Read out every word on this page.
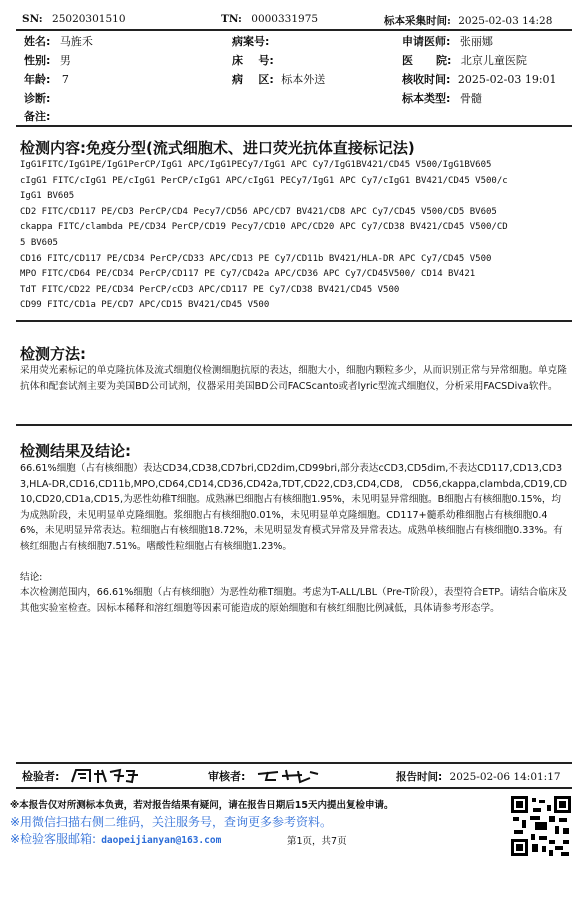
SN: 25020301510	TN: 0000331975	标本采集时间: 2025-02-03 14:28
姓名: 马旌禾	病案号:	申请医师: 张丽娜
性别: 男	床    号:	医      院: 北京儿童医院
年龄: 7	病    区: 标本外送	核收时间: 2025-02-03 19:01
诊断:	标本类型: 骨髓
备注:
检测内容:免疫分型(流式细胞术、进口荧光抗体直接标记法)
IgG1FITC/IgG1PE/IgG1PerCP/IgG1 APC/IgG1PECy7/IgG1 APC Cy7/IgG1BV421/CD45 V500/IgG1BV605
cIgG1 FITC/cIgG1 PE/cIgG1 PerCP/cIgG1 APC/cIgG1 PECy7/IgG1 APC Cy7/cIgG1 BV421/CD45 V500/c
IgG1 BV605
CD2 FITC/CD117 PE/CD3 PerCP/CD4 Pecy7/CD56 APC/CD7 BV421/CD8 APC Cy7/CD45 V500/CD5 BV605
ckappa FITC/clambda PE/CD34 PerCP/CD19 Pecy7/CD10 APC/CD20 APC Cy7/CD38 BV421/CD45 V500/CD
5 BV605
CD16 FITC/CD117 PE/CD34 PerCP/CD33 APC/CD13 PE Cy7/CD11b BV421/HLA-DR APC Cy7/CD45 V500
MPO FITC/CD64 PE/CD34 PerCP/CD117 PE Cy7/CD42a APC/CD36 APC Cy7/CD45V500/ CD14 BV421
TdT FITC/CD22 PE/CD34 PerCP/cCD3 APC/CD117 PE Cy7/CD38 BV421/CD45 V500
CD99 FITC/CD1a PE/CD7 APC/CD15 BV421/CD45 V500
检测方法:
采用荧光素标记的单克隆抗体及流式细胞仪检测细胞抗原的表达，细胞大小，细胞内颗粒多少，从而识别正常与异常细胞。单克隆抗体和配套试剂主要为美国BD公司试剂，仪器采用美国BD公司FACScanto或者lyric型流式细胞仪，分析采用FACSDiva软件。
检测结果及结论:
66.61%细胞（占有核细胞）表达CD34,CD38,CD7bri,CD2dim,CD99bri,部分表达cCD3,CD5dim,不表达CD117,CD13,CD33,HLA-DR,CD16,CD11b,MPO,CD64,CD14,CD36,CD42a,TDT,CD22,CD3,CD4,CD8,　CD56,ckappa,clambda,CD19,CD10,CD20,CD1a,CD15,为恶性幼稚T细胞。成熟淋巴细胞占有核细胞1.95%，未见明显异常细胞。B细胞占有核细胞0.15%，均为成熟阶段，未见明显单克隆细胞。浆细胞占有核细胞0.01%，未见明显单克隆细胞。CD117+髓系幼稚细胞占有核细胞0.46%，未见明显异常表达。粒细胞占有核细胞18.72%，未见明显发育模式异常及异常表达。成熟单核细胞占有核细胞0.33%。有核红细胞占有核细胞7.51%。嗜酸性粒细胞占有核细胞1.23%。
结论:
本次检测范围内，66.61%细胞（占有核细胞）为恶性幼稚T细胞。考虑为T-ALL/LBL（Pre-T阶段），表型符合ETP。请结合临床及其他实验室检查。因标本稀释和溶红细胞等因素可能造成的原始细胞和有核红细胞比例减低，具体请参考形态学。
检验者:	审核者:	报告时间: 2025-02-06 14:01:17
※本报告仅对所测标本负责，若对报告结果有疑问，请在报告日期后15天内提出复检申请。
※用微信扫描右侧二维码，关注服务号，查询更多参考资料。
※检验客服邮箱: daopeijianyan@163.com	第1页，共7页
